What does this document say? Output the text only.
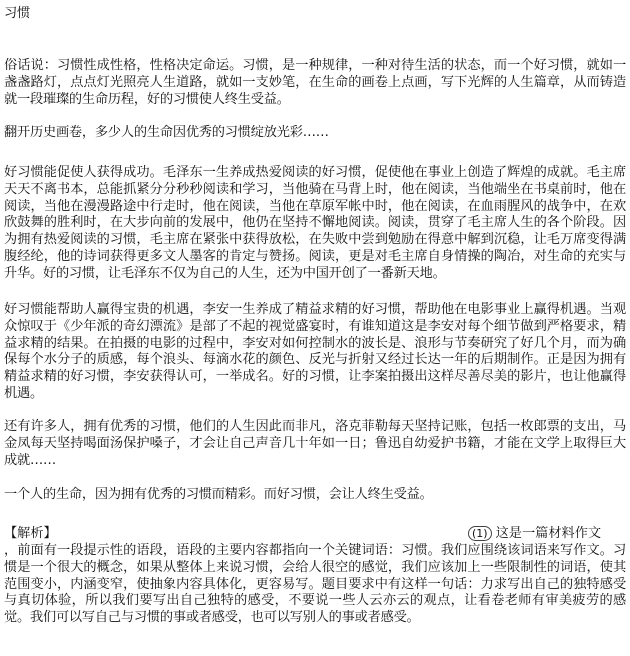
习惯
俗话说：习惯性成性格，性格决定命运。习惯，是一种规律，一种对待生活的状态，而一个好习惯，就如一盏盏路灯，点点灯光照亮人生道路，就如一支妙笔，在生命的画卷上点画，写下光辉的人生篇章，从而铸造就一段璀璨的生命历程，好的习惯使人终生受益。
翻开历史画卷，多少人的生命因优秀的习惯绽放光彩……
好习惯能促使人获得成功。毛泽东一生养成热爱阅读的好习惯，促使他在事业上创造了辉煌的成就。毛主席天天不离书本，总能抓紧分分秒秒阅读和学习，当他骑在马背上时，他在阅读，当他端坐在书桌前时，他在阅读，当他在漫漫路途中行走时，他在阅读，当他在草原军帐中时，他在阅读，在血雨腥风的战争中，在欢欣鼓舞的胜利时，在大步向前的发展中，他仍在坚持不懈地阅读。阅读，贯穿了毛主席人生的各个阶段。因为拥有热爱阅读的习惯，毛主席在紧张中获得放松，在失败中尝到勉励在得意中解到沉稳，让毛万席变得满腹经纶，他的诗词获得更多文人墨客的肯定与赞扬。阅读，更是对毛主席自身情操的陶冶，对生命的充实与升华。好的习惯，让毛泽东不仅为自己的人生，还为中国开创了一番新天地。
好习惯能帮助人赢得宝贵的机遇，李安一生养成了精益求精的好习惯，帮助他在电影事业上赢得机遇。当观众惊叹于《少年派的奇幻漂流》是部了不起的视觉盛宴时，有谁知道这是李安对每个细节做到严格要求，精益求精的结果。在拍摄的电影的过程中，李安对如何控制水的波长是、浪形与节奏研究了好几个月，而为确保每个水分子的质感，每个浪头、每滴水花的颜色、反光与折射又经过长达一年的后期制作。正是因为拥有精益求精的好习惯，李安获得认可，一举成名。好的习惯，让李案拍摄出这样尽善尽美的影片，也让他赢得机遇。
还有许多人，拥有优秀的习惯，他们的人生因此而非凡，洛克菲勒每天坚持记账，包括一枚郎票的支出，马金凤每天坚持喝面汤保护嗓子，才会让自己声音几十年如一日；鲁迅自幼爱护书籍，才能在文学上取得巨大成就……
一个人的生命，因为拥有优秀的习惯而精彩。而好习惯，会让人终生受益。
【解析】	(1) 这是一篇材料作文
，前面有一段提示性的语段，语段的主要内容都指向一个关键词语：习惯。我们应围绕该词语来写作文。习惯是一个很大的概念，如果从整体上来说习惯，会给人很空的感觉，我们应该加上一些限制性的词语，使其范围变小，内涵变窄，使抽象内容具体化，更容易写。题目要求中有这样一句话：力求写出自己的独特感受与真切体验，所以我们要写出自己独特的感受，不要说一些人云亦云的观点，让看卷老师有审美疲劳的感觉。我们可以写自己与习惯的事或者感受，也可以写别人的事或者感受。
